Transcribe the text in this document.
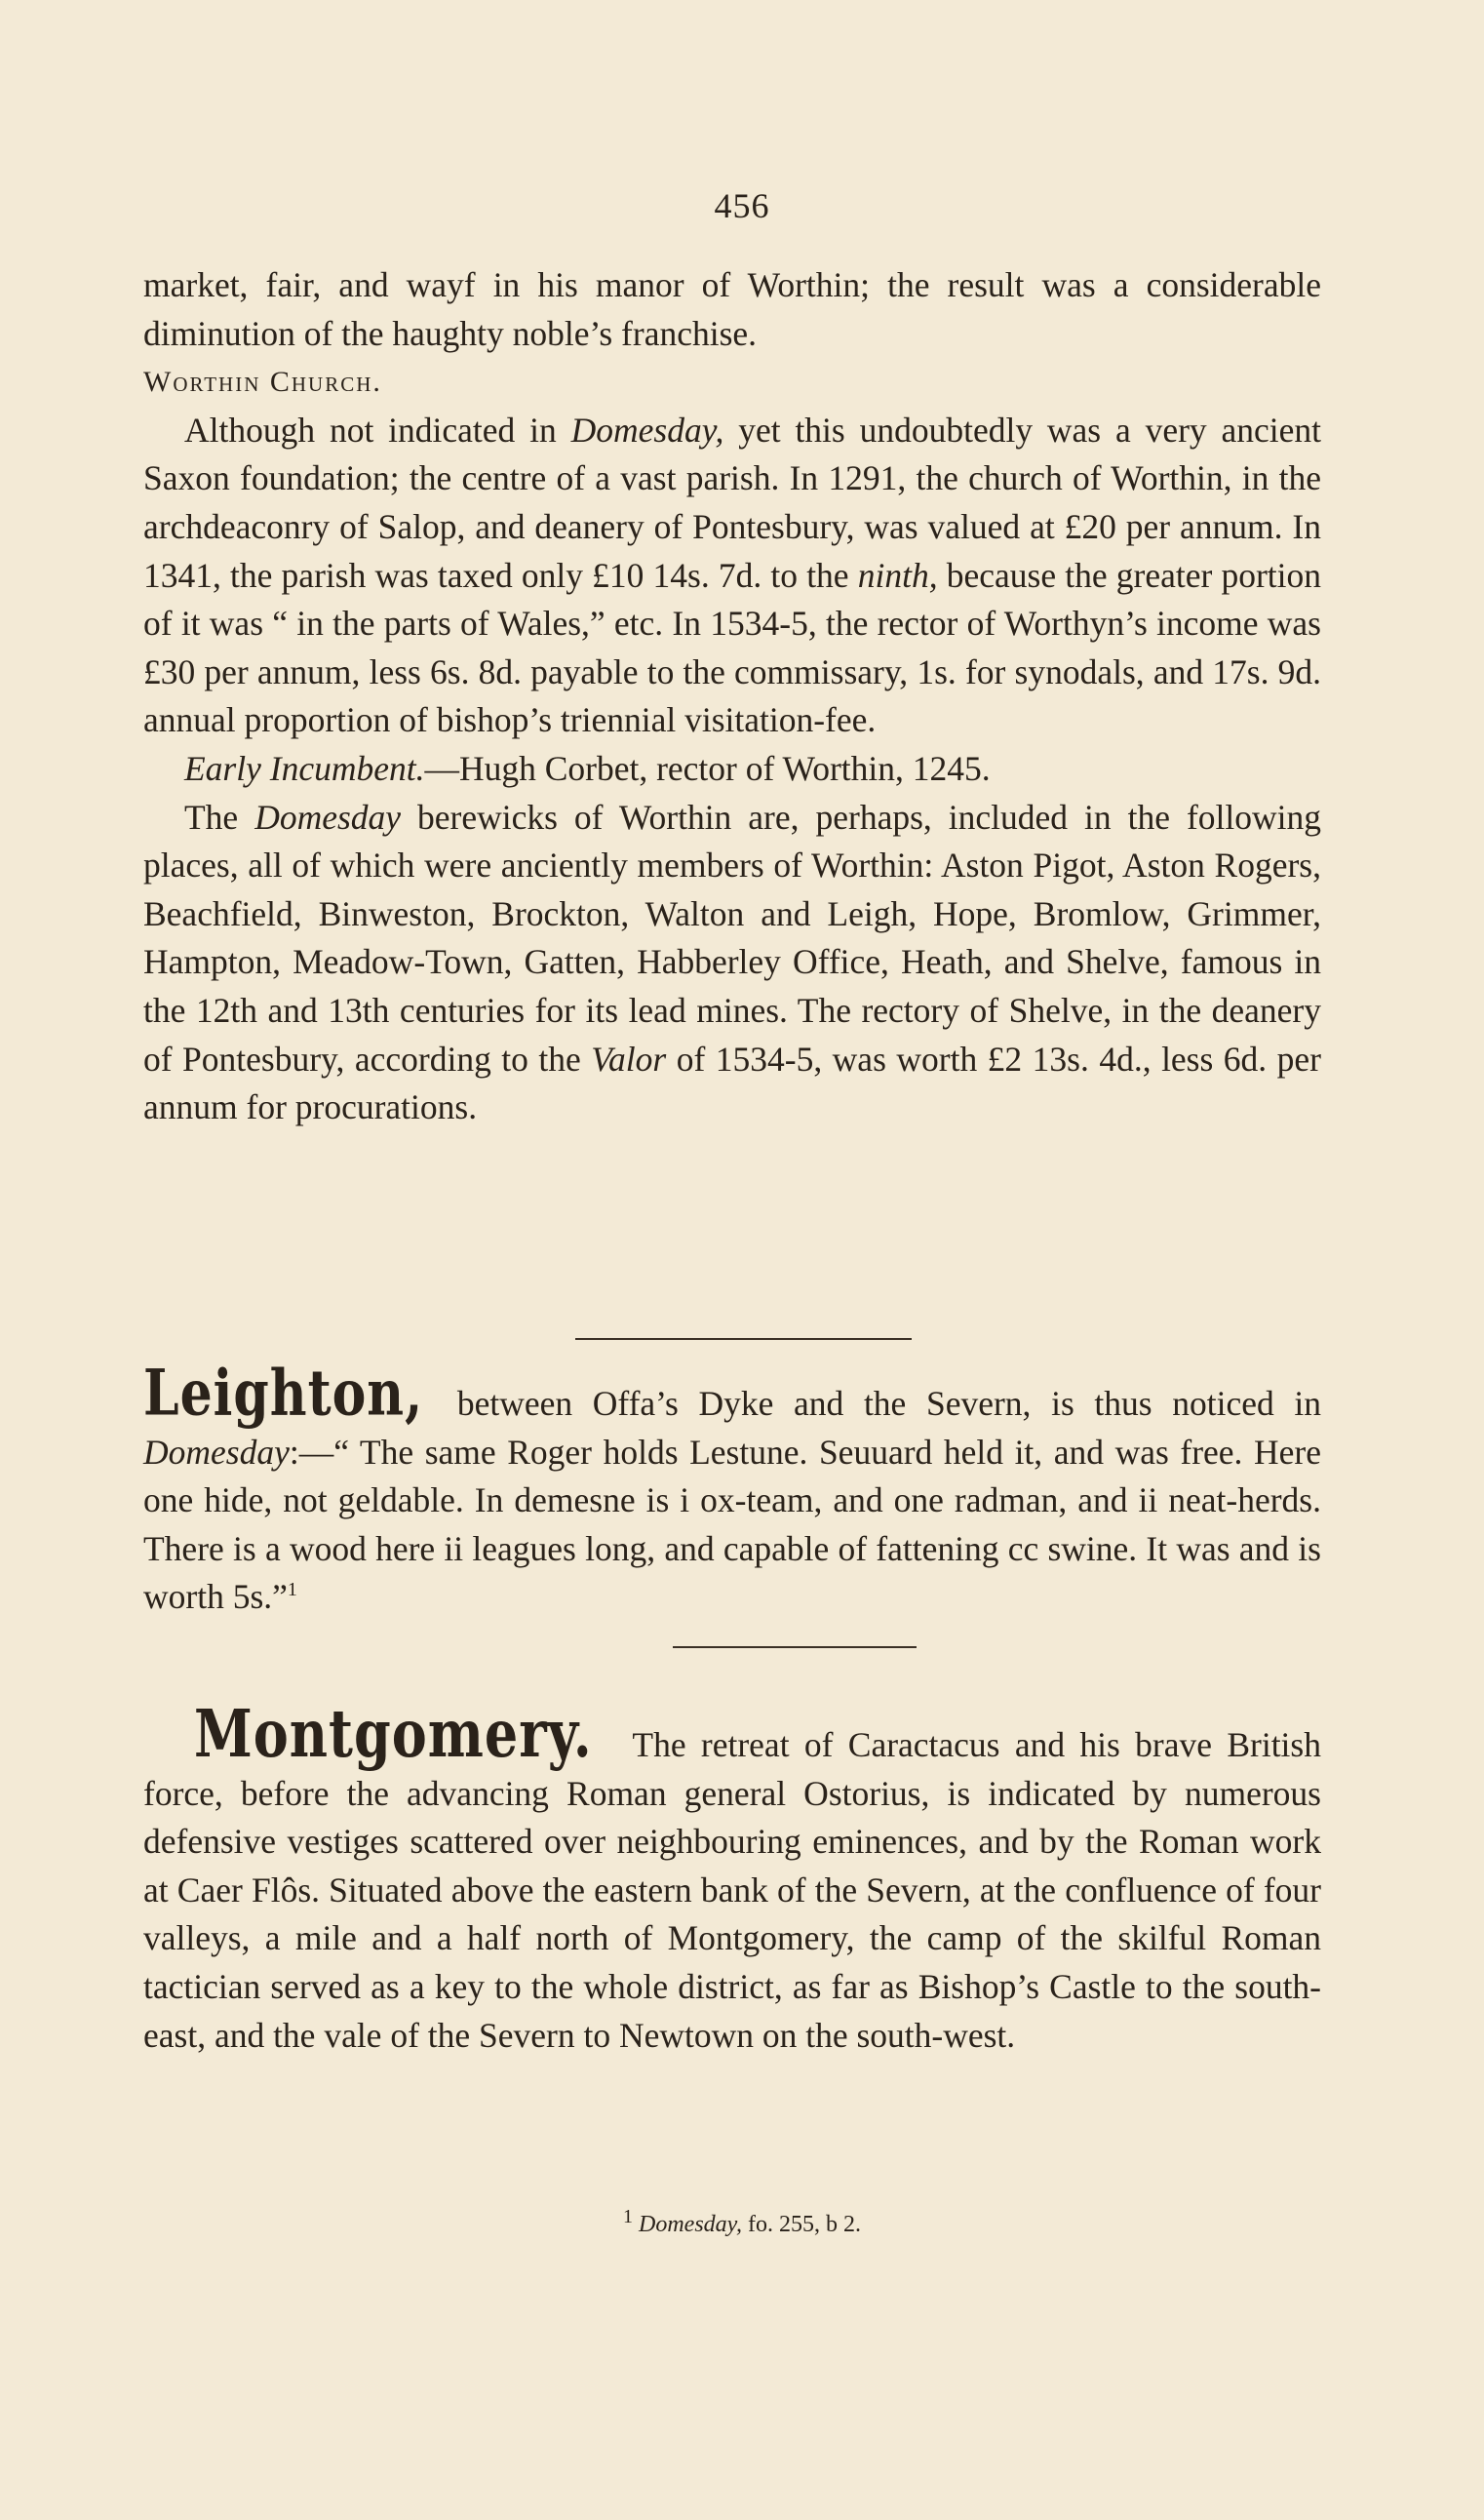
456

market, fair, and wayf in his manor of Worthin; the result was a considerable diminution of the haughty noble’s franchise.

Worthin Church.

Although not indicated in Domesday, yet this undoubtedly was a very ancient Saxon foundation; the centre of a vast parish. In 1291, the church of Worthin, in the archdeaconry of Salop, and deanery of Pontesbury, was valued at £20 per annum. In 1341, the parish was taxed only £10 14s. 7d. to the ninth, because the greater portion of it was “ in the parts of Wales,” etc. In 1534-5, the rector of Worthyn’s income was £30 per annum, less 6s. 8d. payable to the commissary, 1s. for synodals, and 17s. 9d. annual proportion of bishop’s triennial visitation-fee.

Early Incumbent.—Hugh Corbet, rector of Worthin, 1245.

The Domesday berewicks of Worthin are, perhaps, included in the following places, all of which were anciently members of Worthin: Aston Pigot, Aston Rogers, Beachfield, Binweston, Brockton, Walton and Leigh, Hope, Bromlow, Grimmer, Hampton, Meadow-Town, Gatten, Habberley Office, Heath, and Shelve, famous in the 12th and 13th centuries for its lead mines. The rectory of Shelve, in the deanery of Pontesbury, according to the Valor of 1534-5, was worth £2 13s. 4d., less 6d. per annum for procurations.

Leighton, between Offa’s Dyke and the Severn, is thus noticed in Domesday:—“ The same Roger holds Lestune. Seuuard held it, and was free. Here one hide, not geldable. In demesne is i ox-team, and one radman, and ii neat-herds. There is a wood here ii leagues long, and capable of fattening cc swine. It was and is worth 5s.”$^1$

Montgomery. The retreat of Caractacus and his brave British force, before the advancing Roman general Ostorius, is indicated by numerous defensive vestiges scattered over neighbouring eminences, and by the Roman work at Caer Flôs. Situated above the eastern bank of the Severn, at the confluence of four valleys, a mile and a half north of Montgomery, the camp of the skilful Roman tactician served as a key to the whole district, as far as Bishop’s Castle to the south-east, and the vale of the Severn to Newtown on the south-west.

$^1$ Domesday, fo. 255, b 2.
